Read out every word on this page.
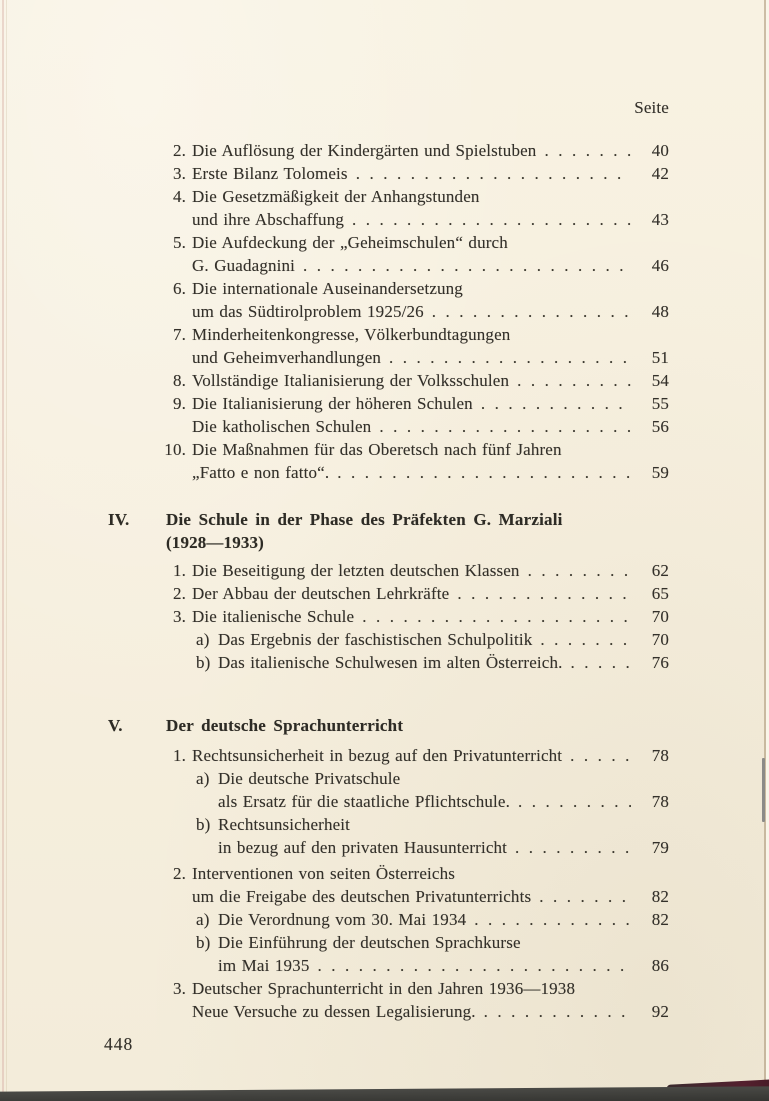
Seite
2. Die Auflösung der Kindergärten und Spielstuben .....	40
3. Erste Bilanz Tolomeis .....	42
4. Die Gesetzmäßigkeit der Anhangstunden
und ihre Abschaffung .....	43
5. Die Aufdeckung der „Geheimschulen“ durch
G. Guadagnini .....	46
6. Die internationale Auseinandersetzung
um das Südtirolproblem 1925/26 .....	48
7. Minderheitenkongresse, Völkerbundtagungen
und Geheimverhandlungen .....	51
8. Vollständige Italianisierung der Volksschulen .....	54
9. Die Italianisierung der höheren Schulen .....	55
Die katholischen Schulen .....	56
10. Die Maßnahmen für das Oberetsch nach fünf Jahren
„Fatto e non fatto“. .....	59
IV.	Die Schule in der Phase des Präfekten G. Marziali
(1928—1933)
1. Die Beseitigung der letzten deutschen Klassen .....	62
2. Der Abbau der deutschen Lehrkräfte .....	65
3. Die italienische Schule .....	70
a) Das Ergebnis der faschistischen Schulpolitik .....	70
b) Das italienische Schulwesen im alten Österreich. .....	76
V.	Der deutsche Sprachunterricht
1. Rechtsunsicherheit in bezug auf den Privatunterricht .....	78
a) Die deutsche Privatschule
als Ersatz für die staatliche Pflichtschule. .....	78
b) Rechtsunsicherheit
in bezug auf den privaten Hausunterricht .....	79
2. Interventionen von seiten Österreichs
um die Freigabe des deutschen Privatunterrichts .....	82
a) Die Verordnung vom 30. Mai 1934 .....	82
b) Die Einführung der deutschen Sprachkurse
im Mai 1935 .....	86
3. Deutscher Sprachunterricht in den Jahren 1936—1938
Neue Versuche zu dessen Legalisierung. .....	92
448
